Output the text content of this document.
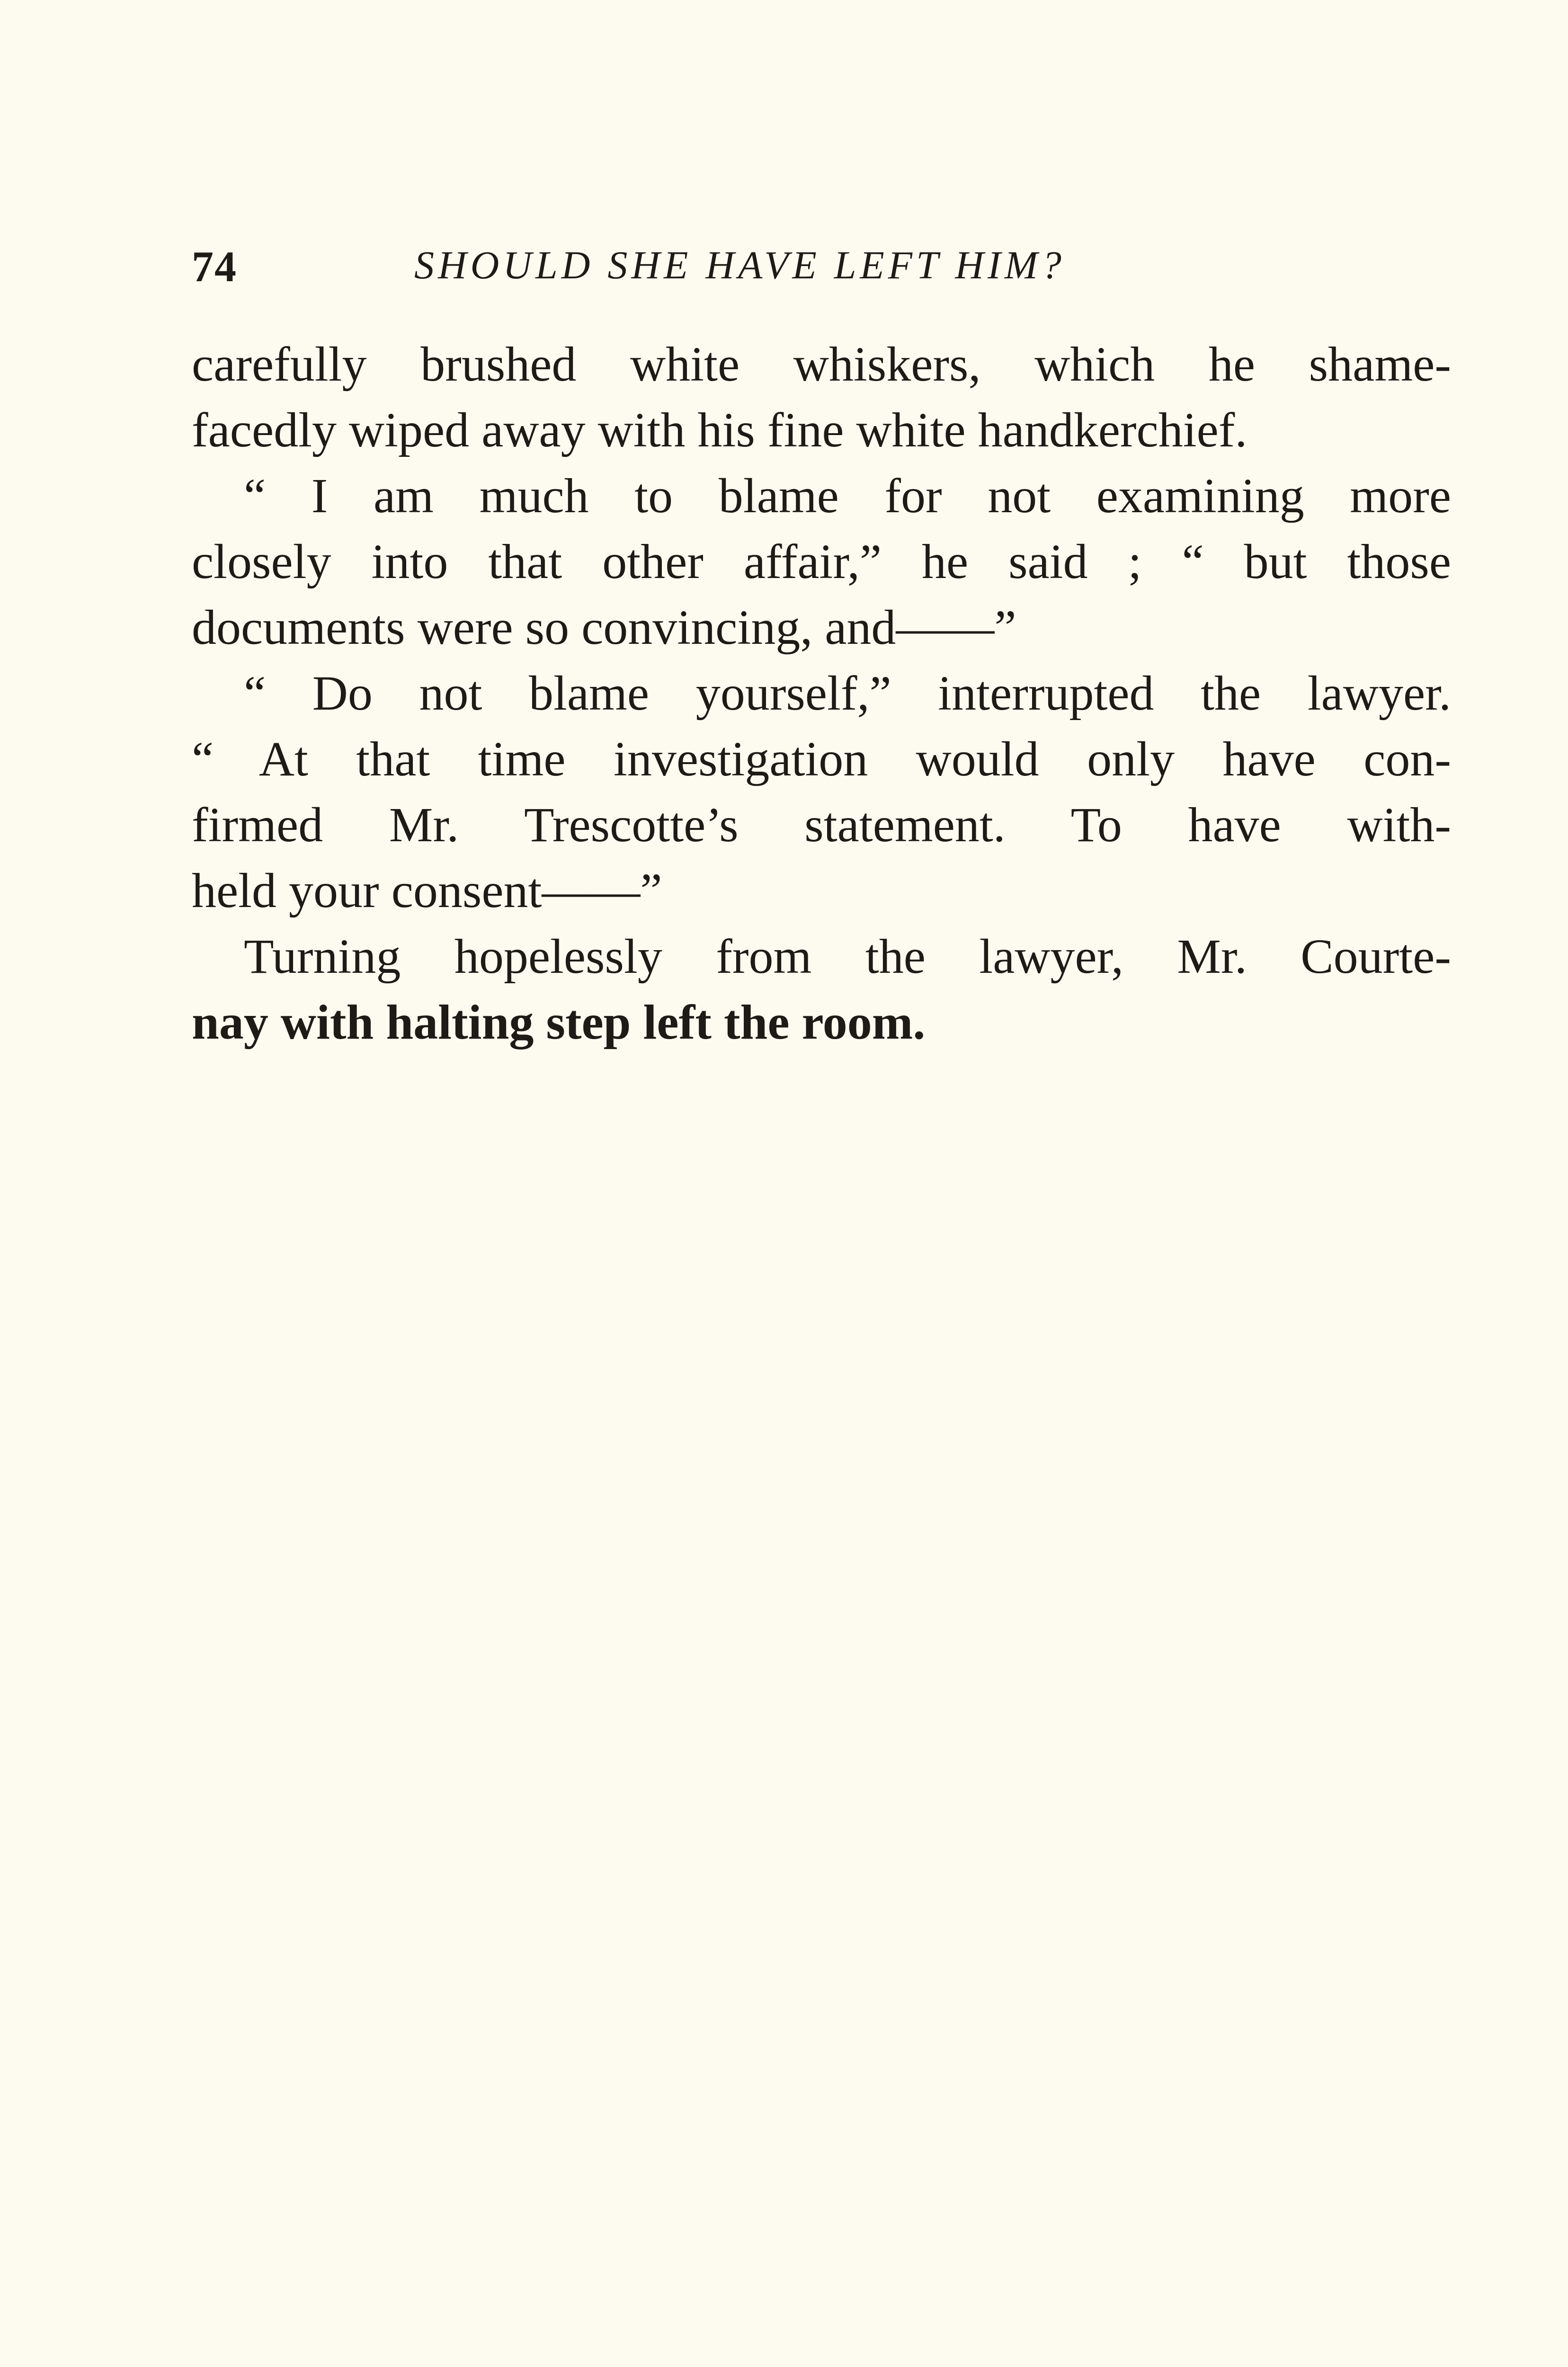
74	SHOULD SHE HAVE LEFT HIM?
carefully brushed white whiskers, which he shame-
facedly wiped away with his fine white handkerchief.
“ I am much to blame for not examining more
closely into that other affair,” he said ; “ but those
documents were so convincing, and——”
“ Do not blame yourself,” interrupted the lawyer.
“ At that time investigation would only have con-
firmed Mr. Trescotte’s statement. To have with-
held your consent——”
Turning hopelessly from the lawyer, Mr. Courte-
nay with halting step left the room.
